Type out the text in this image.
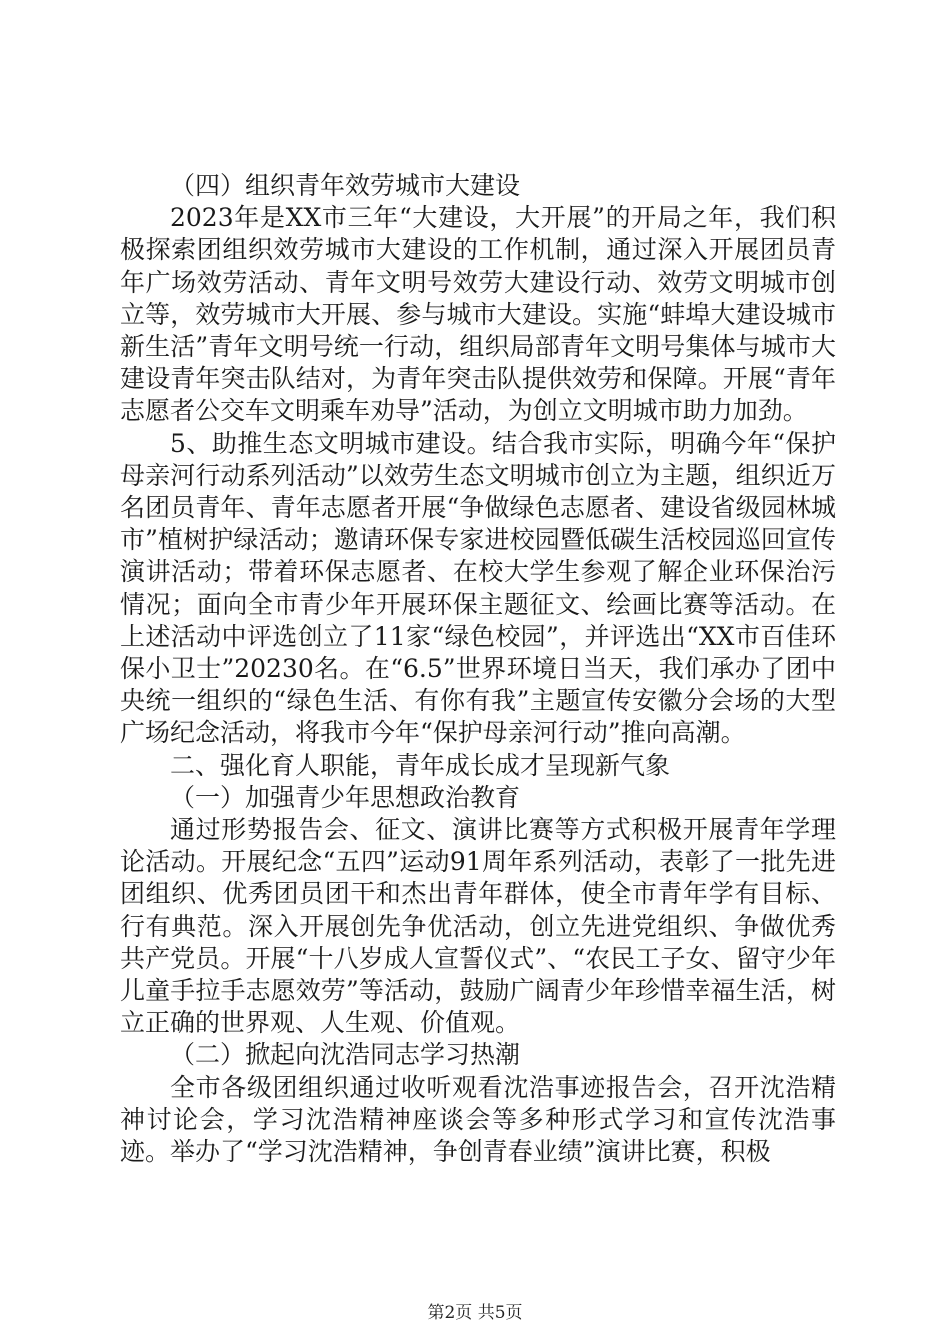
（四）组织青年效劳城市大建设

2023年是XX市三年“大建设，大开展”的开局之年，我们积极探索团组织效劳城市大建设的工作机制，通过深入开展团员青年广场效劳活动、青年文明号效劳大建设行动、效劳文明城市创立等，效劳城市大开展、参与城市大建设。实施“蚌埠大建设城市新生活”青年文明号统一行动，组织局部青年文明号集体与城市大建设青年突击队结对，为青年突击队提供效劳和保障。开展“青年志愿者公交车文明乘车劝导”活动，为创立文明城市助力加劲。

5、助推生态文明城市建设。结合我市实际，明确今年“保护母亲河行动系列活动”以效劳生态文明城市创立为主题，组织近万名团员青年、青年志愿者开展“争做绿色志愿者、建设省级园林城市”植树护绿活动；邀请环保专家进校园暨低碳生活校园巡回宣传演讲活动；带着环保志愿者、在校大学生参观了解企业环保治污情况；面向全市青少年开展环保主题征文、绘画比赛等活动。在上述活动中评选创立了11家“绿色校园”，并评选出“XX市百佳环保小卫士”20230名。在“6.5”世界环境日当天，我们承办了团中央统一组织的“绿色生活、有你有我”主题宣传安徽分会场的大型广场纪念活动，将我市今年“保护母亲河行动”推向高潮。

二、强化育人职能，青年成长成才呈现新气象

（一）加强青少年思想政治教育

通过形势报告会、征文、演讲比赛等方式积极开展青年学理论活动。开展纪念“五四”运动91周年系列活动，表彰了一批先进团组织、优秀团员团干和杰出青年群体，使全市青年学有目标、行有典范。深入开展创先争优活动，创立先进党组织、争做优秀共产党员。开展“十八岁成人宣誓仪式”、“农民工子女、留守少年儿童手拉手志愿效劳”等活动，鼓励广阔青少年珍惜幸福生活，树立正确的世界观、人生观、价值观。

（二）掀起向沈浩同志学习热潮

全市各级团组织通过收听观看沈浩事迹报告会，召开沈浩精神讨论会，学习沈浩精神座谈会等多种形式学习和宣传沈浩事迹。举办了“学习沈浩精神，争创青春业绩”演讲比赛，积极

第2页 共5页
